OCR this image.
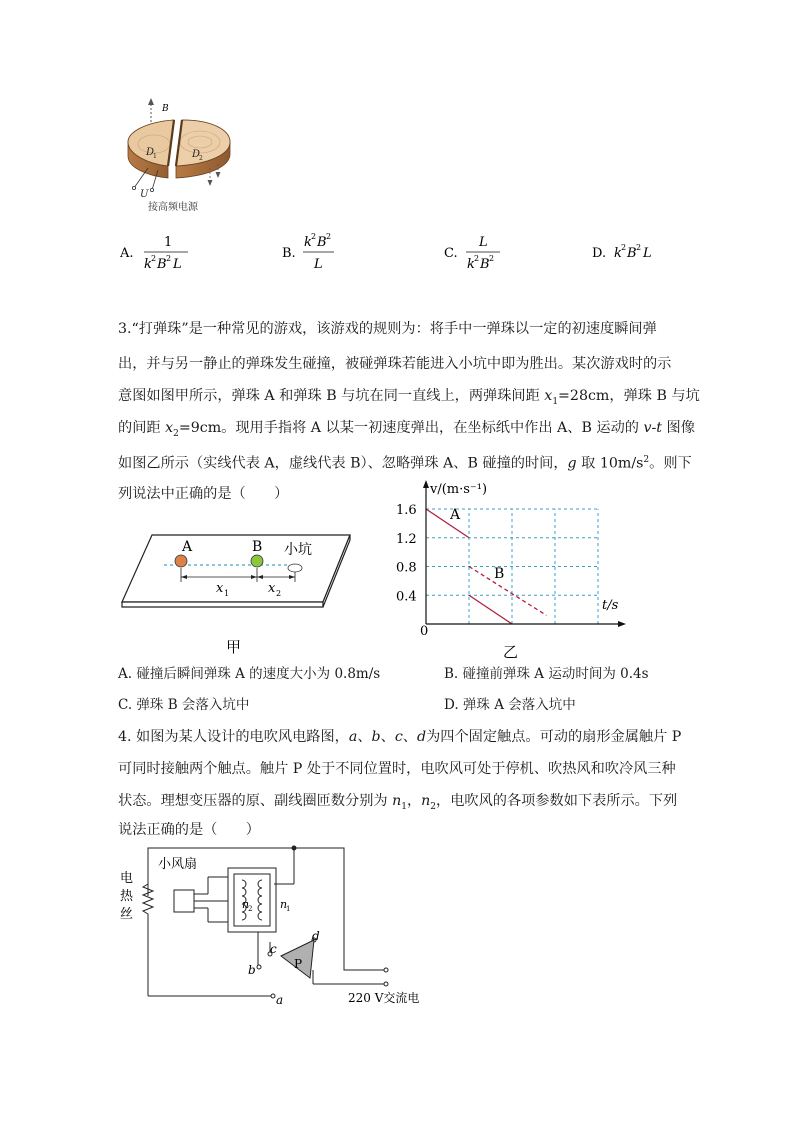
B
D
1	D
2
U
接高频电源
A.
1
k 2 B 2 L
B.
k 2 B 2
L
C.
L
k 2 B 2	D. k 2 B 2 L
3.“打弹珠”是一种常见的游戏，该游戏的规则为：将手中一弹珠以一定的初速度瞬间弹
出，并与另一静止的弹珠发生碰撞，被碰弹珠若能进入小坑中即为胜出。某次游戏时的示
意图如图甲所示，弹珠 A 和弹珠 B 与坑在同一直线上，两弹珠间距 $x_1=28cm$，弹珠 B 与坑
的间距 $x_2=9cm$。现用手指将 A 以某一初速度弹出，在坐标纸中作出 A、B 运动的 v-t 图像
如图乙所示（实线代表 A，虚线代表 B）、忽略弹珠 A、B 碰撞的时间，g 取 $10m/s^2$。则下
列说法中正确的是（　　）
A	B 小坑
x 1	x 2
甲
v/(m·s⁻¹)
t/s
0
0.4
0.8
1.2
1.6 A
B
乙
A. 碰撞后瞬间弹珠 A 的速度大小为 0.8m/s	B. 碰撞前弹珠 A 运动时间为 0.4s
C. 弹珠 B 会落入坑中	D. 弹珠 A 会落入坑中
4. 如图为某人设计的电吹风电路图，a、b、c、d为四个固定触点。可动的扇形金属触片 P
可同时接触两个触点。触片 P 处于不同位置时，电吹风可处于停机、吹热风和吹冷风三种
状态。理想变压器的原、副线圈匝数分别为 $n_1$，$n_2$，电吹风的各项参数如下表所示。下列
说法正确的是（　　）
小风扇
电
热
丝
n
2	n
1
P
d
c
b
a	220 V交流电
